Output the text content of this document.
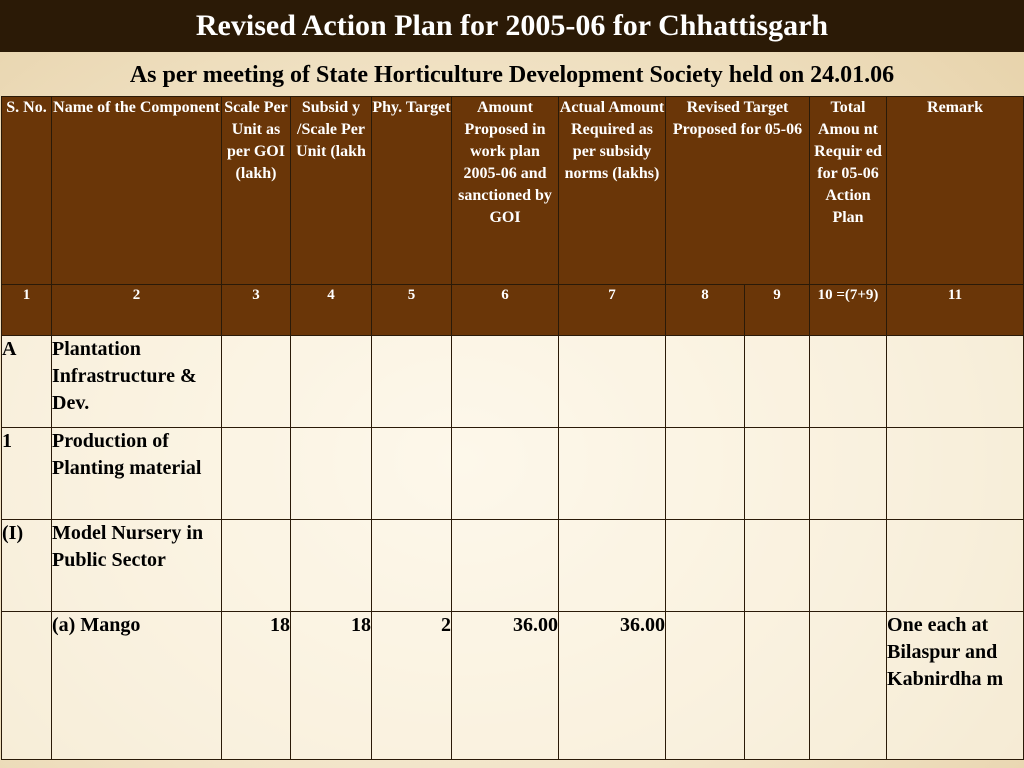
Revised Action Plan for 2005-06 for Chhattisgarh
As per meeting of State Horticulture Development Society held on 24.01.06
S. No.	Name of the Component	Scale Per Unit as per GOI (lakh)	Subsid y /Scale Per Unit (lakh	Phy. Target	Amount Proposed in work plan 2005-06 and sanctioned by GOI	Actual Amount Required as per subsidy norms (lakhs)	Revised Target Proposed for 05-06		Total Amou nt Requir ed for 05-06 Action Plan	Remark
1	2	3	4	5	6	7	8	9	10 =(7+9)	11
A	Plantation Infrastructure & Dev.									
1	Production of Planting material									
(I)	Model Nursery in Public Sector									
	(a) Mango	18	18	2	36.00	36.00				One each at Bilaspur and Kabnirdha m
